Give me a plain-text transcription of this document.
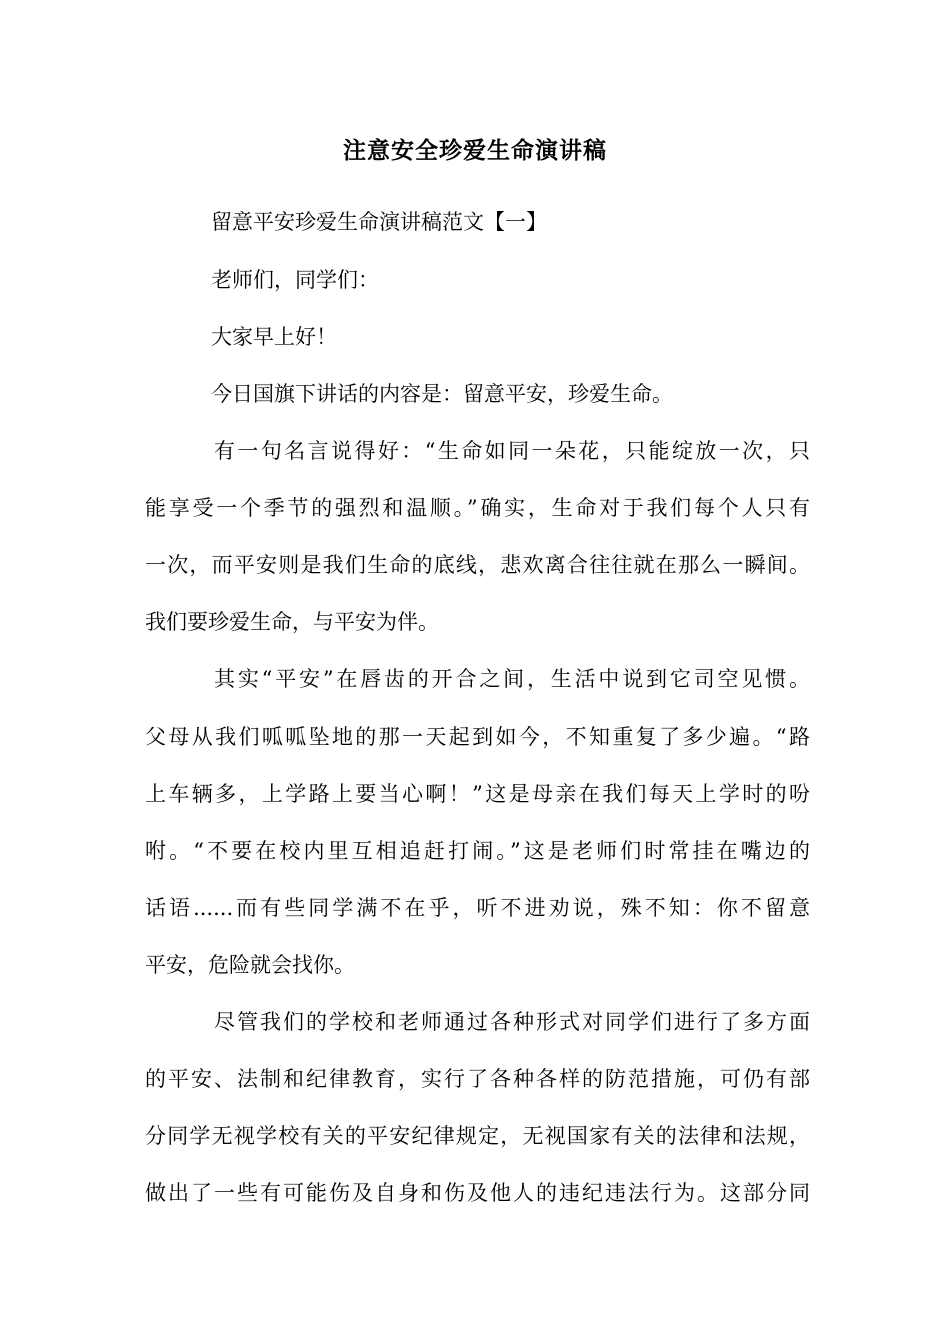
注意安全珍爱生命演讲稿
留意平安珍爱生命演讲稿范文【一】
老师们，同学们：
大家早上好！
今日国旗下讲话的内容是：留意平安，珍爱生命。
有一句名言说得好：“生命如同一朵花，只能绽放一次，只
能享受一个季节的强烈和温顺。”确实，生命对于我们每个人只有
一次，而平安则是我们生命的底线，悲欢离合往往就在那么一瞬间。
我们要珍爱生命，与平安为伴。
其实“平安”在唇齿的开合之间，生活中说到它司空见惯。
父母从我们呱呱坠地的那一天起到如今，不知重复了多少遍。“路
上车辆多，上学路上要当心啊！”这是母亲在我们每天上学时的吩
咐。“不要在校内里互相追赶打闹。”这是老师们时常挂在嘴边的
话语......而有些同学满不在乎，听不进劝说，殊不知：你不留意
平安，危险就会找你。
尽管我们的学校和老师通过各种形式对同学们进行了多方面
的平安、法制和纪律教育，实行了各种各样的防范措施，可仍有部
分同学无视学校有关的平安纪律规定，无视国家有关的法律和法规，
做出了一些有可能伤及自身和伤及他人的违纪违法行为。这部分同
